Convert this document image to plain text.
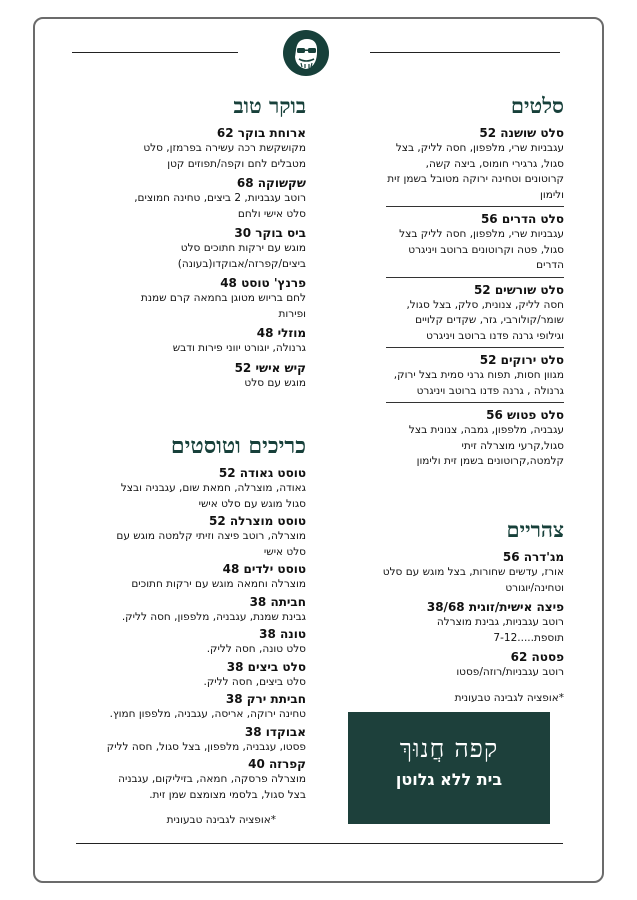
סלטים
סלט שושנה 52
עגבניות שרי, מלפפון, חסה לליק, בצל סגול, גרגירי חומוס, ביצה קשה, קרוטונים וטחינה ירוקה מטובל בשמן זית ולימון
סלט הדרים 56
עגבניות שרי, מלפפון, חסה לליק בצל סגול, פטה וקרוטונים ברוטב ויניגרט הדרים
סלט שורשים 52
חסה לליק, צנונית, סלק, בצל סגול, שומר/קולורבי, גזר, שקדים קלויים וגילופי גרנה פדנו ברוטב ויניגרט
סלט ירוקים 52
מגוון חסות, תפוח גרני סמית בצל ירוק, גרנולה , גרנה פדנו ברוטב ויניגרט
סלט פטוש 56
עגבניה, מלפפון, גמבה, צנונית בצל סגול,קרעי מוצרלה זיתי קלמטה,קרוטונים בשמן זית ולימון
צהריים
מג'דרה 56
אורז, עדשים שחורות, בצל מוגש עם סלט וטחינה/יוגורט
פיצה אישית/זוגית 38/68
רוטב עגבניות, גבינת מוצרלה תוספת.....7-12
פסטה 62
רוטב עגבניות/רוזה/פסטו
*אופציה לגבינה טבעונית
בוקר טוב
ארוחת בוקר 62
מקושקשת רכה עשירה בפרמזן, סלט מטבלים לחם וקפה/תפוזים קטן
שקשוקה 68
רוטב עגבניות, 2 ביצים, טחינה חמוצים, סלט אישי ולחם
ביס בוקר 30
מוגש עם ירקות חתוכים סלט ביצים/קפרזה/אבוקדו(בעונה)
פרנץ' טוסט 48
לחם בריוש מטוגן בחמאה קרם שמנת ופירות
מוזלי 48
גרנולה, יוגורט יווני פירות ודבש
קיש אישי 52
מוגש עם סלט
כריכים וטוסטים
טוסט גאודה 52
גאודה, מוצרלה, חמאת שום, עגבניה ובצל סגול מוגש עם סלט אישי
טוסט מוצרלה 52
מוצרלה, רוטב פיצה וזיתי קלמטה מוגש עם סלט אישי
טוסט ילדים 48
מוצרלה וחמאה מוגש עם ירקות חתוכים
חביתה 38
גבינת שמנת, עגבניה, מלפפון, חסה לליק.
טונה 38
סלט טונה, חסה לליק.
סלט ביצים 38
סלט ביצים, חסה לליק.
חביתת ירק 38
טחינה ירוקה, אריסה, עגבניה, מלפפון חמוץ.
אבוקדו 38
פסטו, עגבניה, מלפפון, בצל סגול, חסה לליק
קפרזה 40
מוצרלה פרסקה, חמאה, בזיליקום, עגבניה בצל סגול, בלסמי מצומצם שמן זית.
*אופציה לגבינה טבעונית
קפה חֲנוּךְ
בית ללא גלוטן
